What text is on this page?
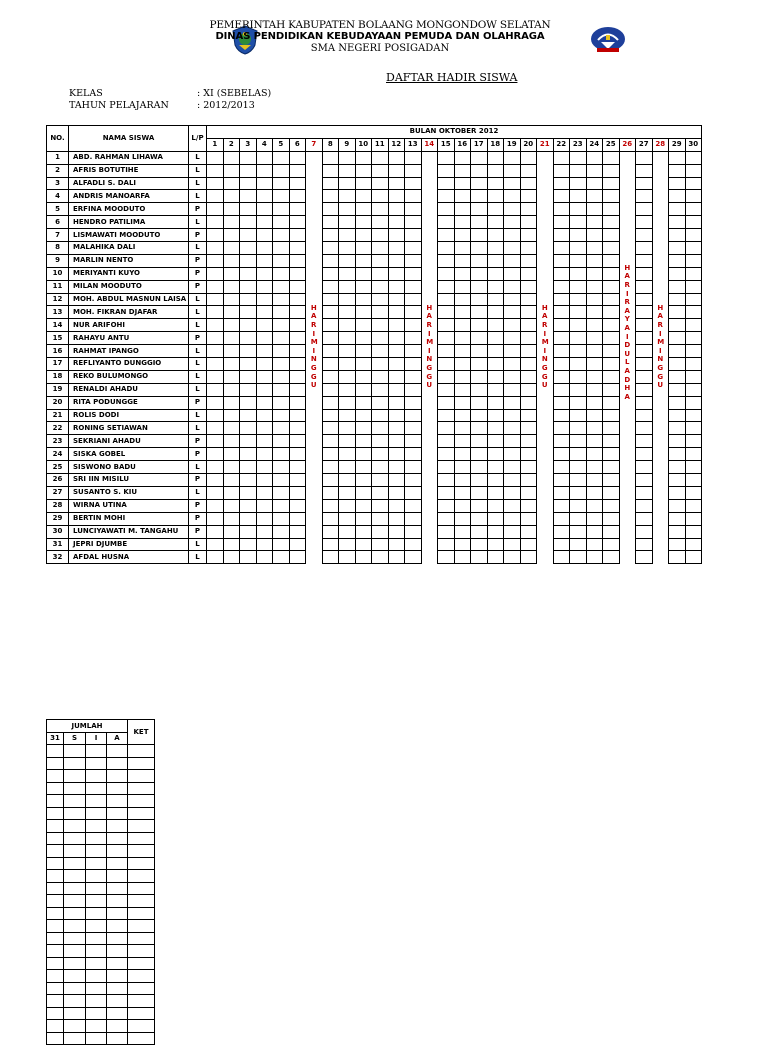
PEMERINTAH KABUPATEN BOLAANG MONGONDOW SELATAN
DINAS PENDIDIKAN KEBUDAYAAN PEMUDA DAN OLAHRAGA
SMA NEGERI POSIGADAN
DAFTAR HADIR SISWA
KELAS	: XI (SEBELAS)
TAHUN PELAJARAN	: 2012/2013
NO.	NAMA SISWA	L/P	BULAN OKTOBER 2012																													
			1	2	3	4	5	6	7	8	9	10	11	12	13	14	15	16	17	18	19	20	21	22	23	24	25	26	27	28	29	30
1	ABD. RAHMAN LIHAWA	L							HARI MINGGU							HARI MINGGU							HARI MINGGU					HARI RAYA IDUL ADHA		HARI MINGGU		

2	AFRIS BOTUTIHE	L																														
3	ALFADLI S. DALI	L																														
4	ANDRIS MANOARFA	L																														
5	ERFINA MOODUTO	P																														
6	HENDRO PATILIMA	L																														
7	LISMAWATI MOODUTO	P																														
8	MALAHIKA DALI	L																														
9	MARLIN NENTO	P																														
10	MERIYANTI KUYO	P																														
11	MILAN MOODUTO	P																														
12	MOH. ABDUL MASNUN LAISA	L																														
13	MOH. FIKRAN DJAFAR	L																														
14	NUR ARIFOHI	L																														
15	RAHAYU ANTU	P																														
16	RAHMAT IPANGO	L																														
17	REFLIYANTO DUNGGIO	L																														
18	REKO BULUMONGO	L																														
19	RENALDI AHADU	L																														
20	RITA PODUNGGE	P																														
21	ROLIS DODI	L																														
22	RONING SETIAWAN	L																														
23	SEKRIANI AHADU	P																														
24	SISKA GOBEL	P																														
25	SISWONO BADU	L																														
26	SRI IIN MISILU	P																														
27	SUSANTO S. KIU	L																														
28	WIRNA UTINA	P																														
29	BERTIN MOHI	P																														
30	LUNCIYAWATI M. TANGAHU	P																														
31	JEPRI DJUMBE	L																														
32	AFDAL HUSNA	L																														
JUMLAH				KET
31	S	I	A	
